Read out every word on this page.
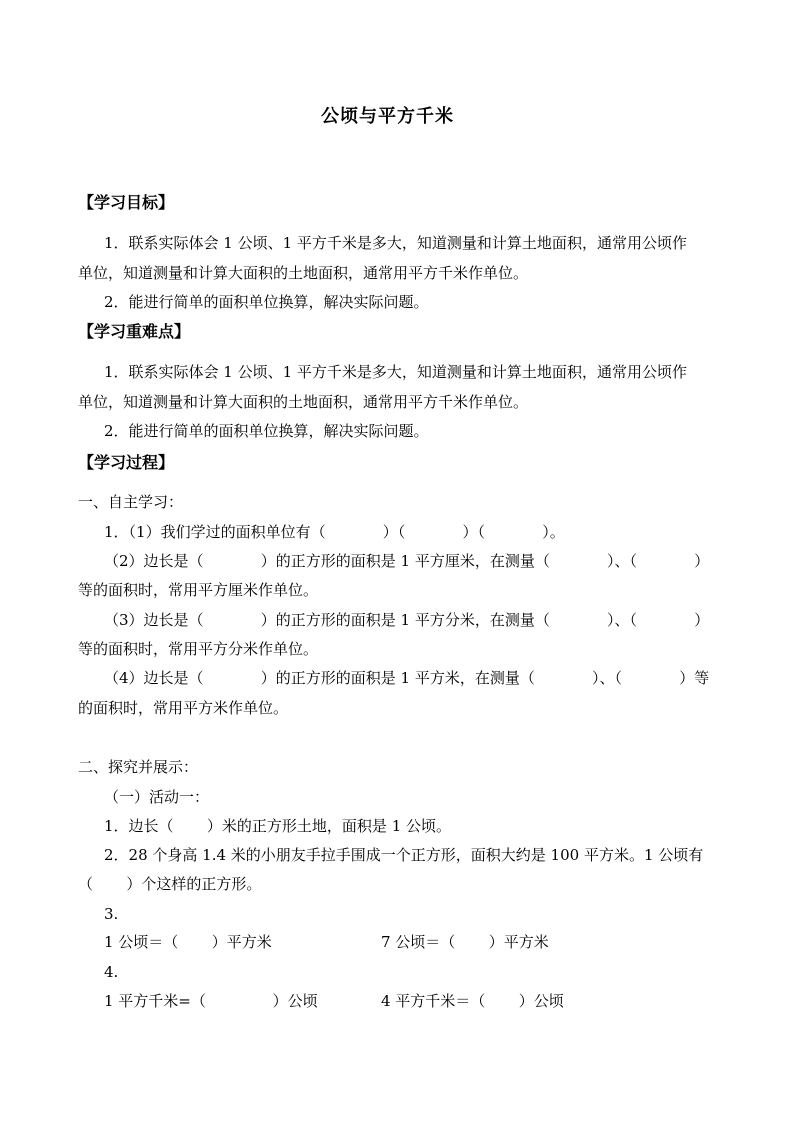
公顷与平方千米
【学习目标】
1．联系实际体会 1 公顷、1 平方千米是多大，知道测量和计算土地面积，通常用公顷作
单位，知道测量和计算大面积的土地面积，通常用平方千米作单位。
2．能进行简单的面积单位换算，解决实际问题。
【学习重难点】
1．联系实际体会 1 公顷、1 平方千米是多大，知道测量和计算土地面积，通常用公顷作
单位，知道测量和计算大面积的土地面积，通常用平方千米作单位。
2．能进行简单的面积单位换算，解决实际问题。
【学习过程】
一、自主学习：
1．（1）我们学过的面积单位有（            ）（            ）（            ）。
（2）边长是（            ）的正方形的面积是 1 平方厘米，在测量（            ）、（            ）
等的面积时，常用平方厘米作单位。
（3）边长是（            ）的正方形的面积是 1 平方分米，在测量（            ）、（            ）
等的面积时，常用平方分米作单位。
（4）边长是（            ）的正方形的面积是 1 平方米，在测量（            ）、（            ）等
的面积时，常用平方米作单位。
二、探究并展示：
（一）活动一：
1．边长（       ）米的正方形土地，面积是 1 公顷。
2．28 个身高 1.4 米的小朋友手拉手围成一个正方形，面积大约是 100 平方米。1 公顷有
（       ）个这样的正方形。
3.
1 公顷＝（       ）平方米	7 公顷＝（       ）平方米
4.
1 平方千米=（              ）公顷	4 平方千米＝（       ）公顷
